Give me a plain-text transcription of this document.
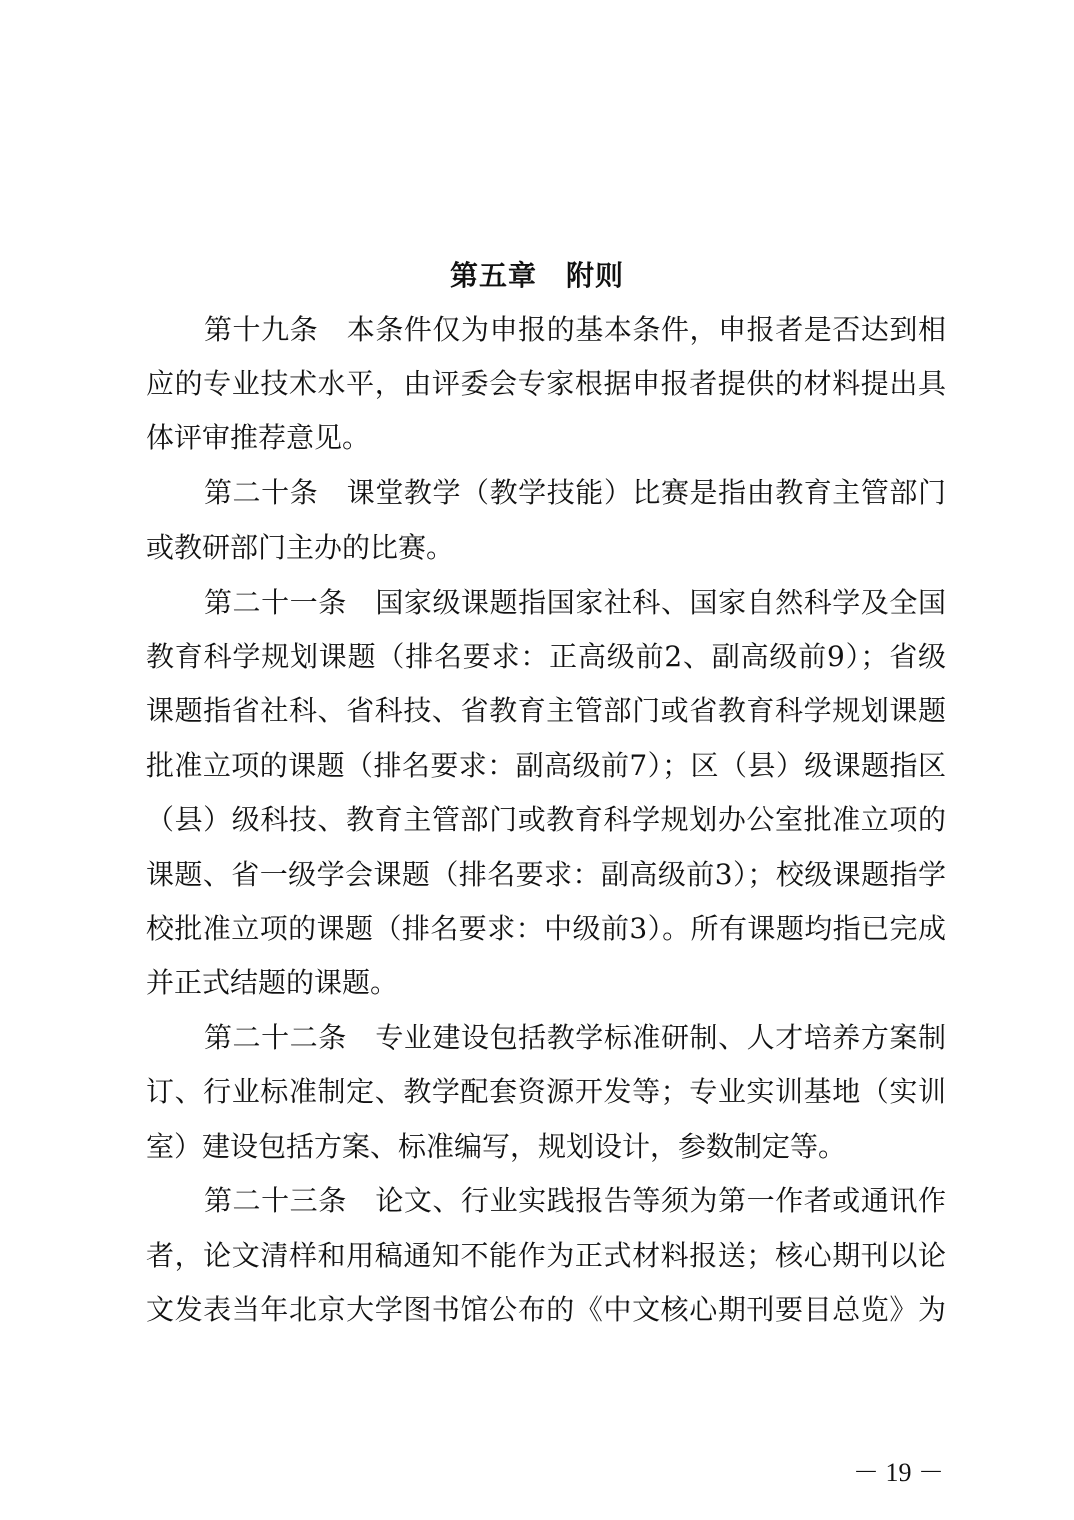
第五章　附则
第十九条　本条件仅为申报的基本条件，申报者是否达到相
应的专业技术水平，由评委会专家根据申报者提供的材料提出具
体评审推荐意见。
第二十条　课堂教学（教学技能）比赛是指由教育主管部门
或教研部门主办的比赛。
第二十一条　国家级课题指国家社科、国家自然科学及全国
教育科学规划课题（排名要求：正高级前2、副高级前9）；省级
课题指省社科、省科技、省教育主管部门或省教育科学规划课题
批准立项的课题（排名要求：副高级前7）；区（县）级课题指区
（县）级科技、教育主管部门或教育科学规划办公室批准立项的
课题、省一级学会课题（排名要求：副高级前3）；校级课题指学
校批准立项的课题（排名要求：中级前3）。所有课题均指已完成
并正式结题的课题。
第二十二条　专业建设包括教学标准研制、人才培养方案制
订、行业标准制定、教学配套资源开发等；专业实训基地（实训
室）建设包括方案、标准编写，规划设计，参数制定等。
第二十三条　论文、行业实践报告等须为第一作者或通讯作
者，论文清样和用稿通知不能作为正式材料报送；核心期刊以论
文发表当年北京大学图书馆公布的《中文核心期刊要目总览》为
－ 19 －
